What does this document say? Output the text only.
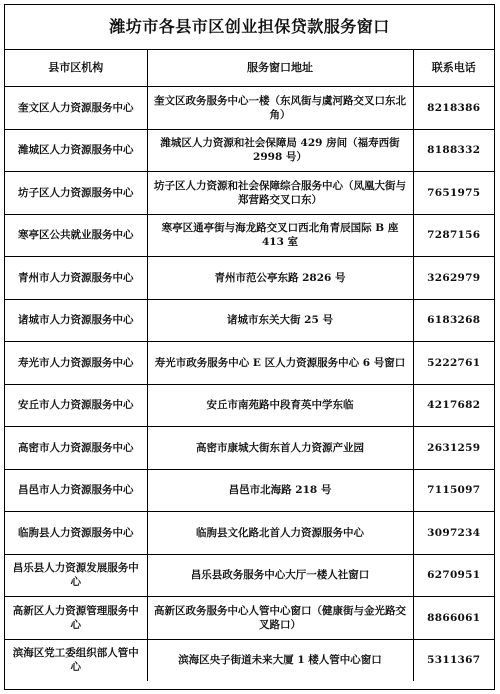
潍坊市各县市区创业担保贷款服务窗口
县市区机构	服务窗口地址	联系电话
奎文区人力资源服务中心	奎文区政务服务中心一楼（东风街与虞河路交叉口东北角）	8218386
潍城区人力资源服务中心	潍城区人力资源和社会保障局 429 房间（福寿西街 2998 号）	8188332
坊子区人力资源服务中心	坊子区人力资源和社会保障综合服务中心（凤凰大街与郑营路交叉口东）	7651975
寒亭区公共就业服务中心	寒亭区通亭街与海龙路交叉口西北角青辰国际 B 座 413 室	7287156
青州市人力资源服务中心	青州市范公亭东路 2826 号	3262979
诸城市人力资源服务中心	诸城市东关大街 25 号	6183268
寿光市人力资源服务中心	寿光市政务服务中心 E 区人力资源服务中心 6 号窗口	5222761
安丘市人力资源服务中心	安丘市南苑路中段育英中学东临	4217682
高密市人力资源服务中心	高密市康城大街东首人力资源产业园	2631259
昌邑市人力资源服务中心	昌邑市北海路 218 号	7115097
临朐县人力资源服务中心	临朐县文化路北首人力资源服务中心	3097234
昌乐县人力资源发展服务中心	昌乐县政务服务中心大厅一楼人社窗口	6270951
高新区人力资源管理服务中心	高新区政务服务中心人管中心窗口（健康街与金光路交叉路口）	8866061
滨海区党工委组织部人管中心	滨海区央子街道未来大厦 1 楼人管中心窗口	5311367
